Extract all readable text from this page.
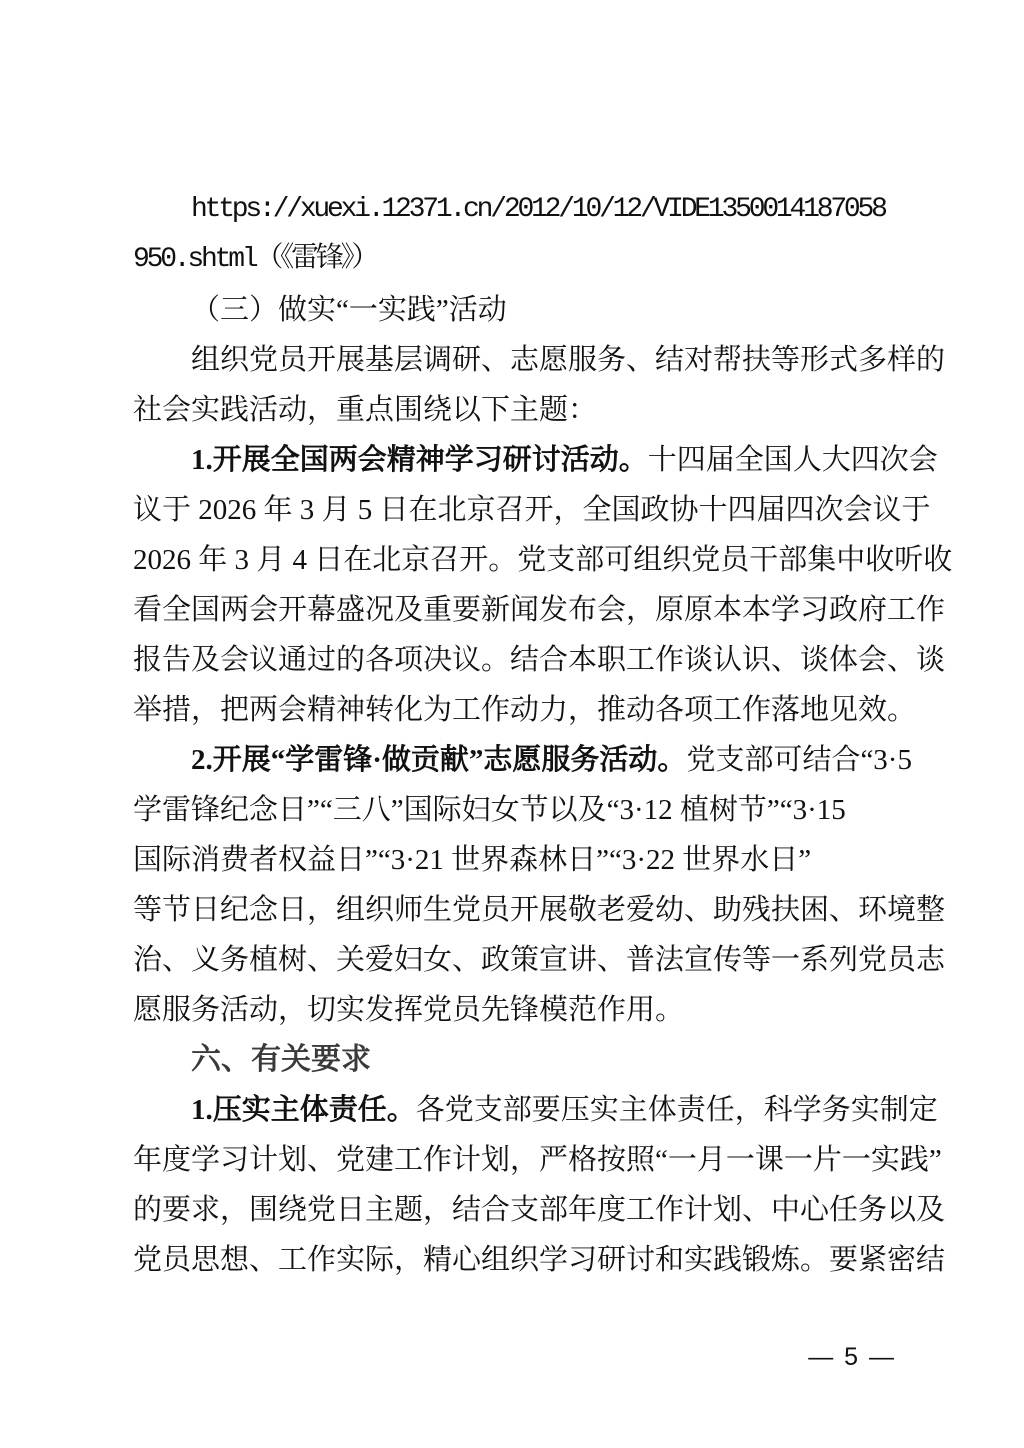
https://xuexi.12371.cn/2012/10/12/VIDE1350014187058
950.shtml（《雷锋》）
（三）做实“一实践”活动
组织党员开展基层调研、志愿服务、结对帮扶等形式多样的
社会实践活动，重点围绕以下主题：
1.开展全国两会精神学习研讨活动。十四届全国人大四次会
议于 2026 年 3 月 5 日在北京召开，全国政协十四届四次会议于
2026 年 3 月 4 日在北京召开。党支部可组织党员干部集中收听收
看全国两会开幕盛况及重要新闻发布会，原原本本学习政府工作
报告及会议通过的各项决议。结合本职工作谈认识、谈体会、谈
举措，把两会精神转化为工作动力，推动各项工作落地见效。
2.开展“学雷锋·做贡献”志愿服务活动。党支部可结合“3·5
学雷锋纪念日”“三八”国际妇女节以及“3·12 植树节”“3·15
国际消费者权益日”“3·21 世界森林日”“3·22 世界水日”
等节日纪念日，组织师生党员开展敬老爱幼、助残扶困、环境整
治、义务植树、关爱妇女、政策宣讲、普法宣传等一系列党员志
愿服务活动，切实发挥党员先锋模范作用。
六、有关要求
1.压实主体责任。各党支部要压实主体责任，科学务实制定
年度学习计划、党建工作计划，严格按照“一月一课一片一实践”
的要求，围绕党日主题，结合支部年度工作计划、中心任务以及
党员思想、工作实际，精心组织学习研讨和实践锻炼。要紧密结
— 5 —
